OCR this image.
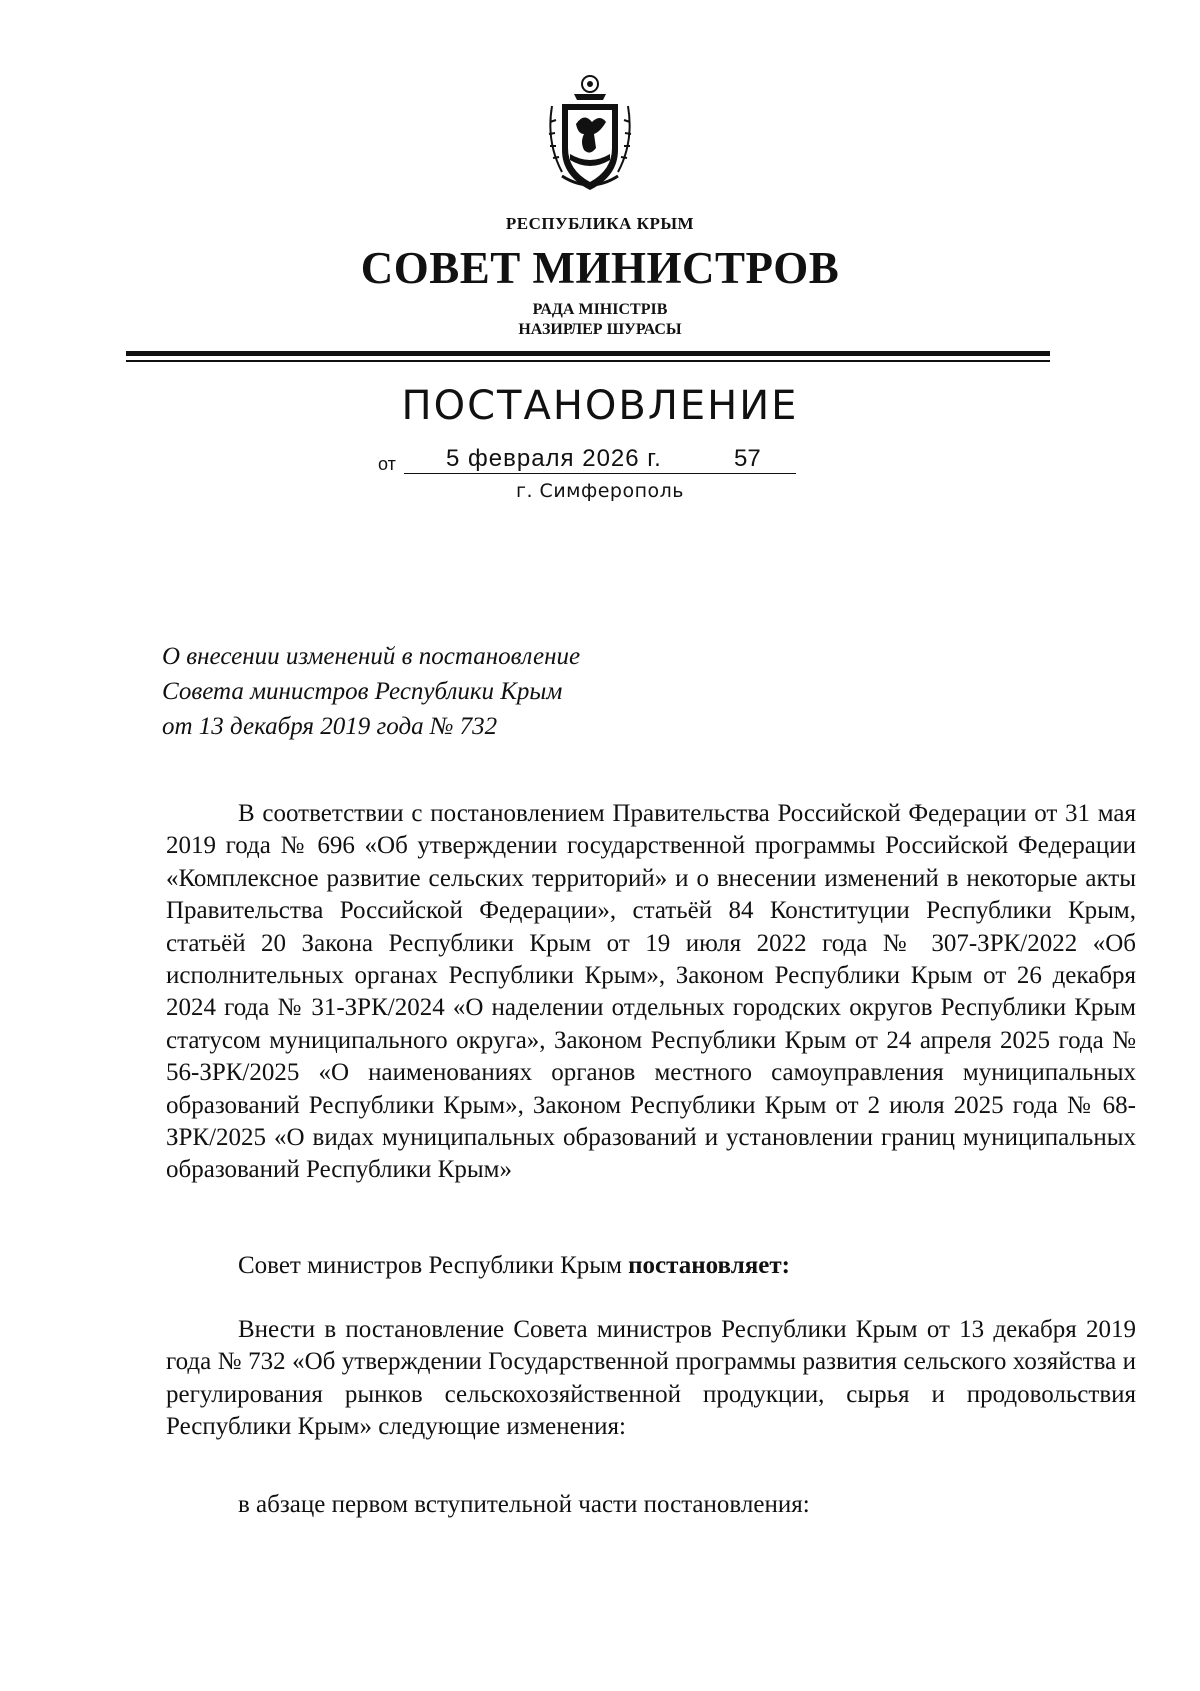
РЕСПУБЛИКА КРЫМ
СОВЕТ МИНИСТРОВ
РАДА МІНІСТРІВ
НАЗИРЛЕР ШУРАСЫ
ПОСТАНОВЛЕНИЕ
от 5 февраля 2026 г.	57
г. Симферополь
О внесении изменений в постановление
Совета министров Республики Крым
от 13 декабря 2019 года № 732
В соответствии с постановлением Правительства Российской Федерации от 31 мая 2019 года № 696 «Об утверждении государственной программы Российской Федерации «Комплексное развитие сельских территорий» и о внесении изменений в некоторые акты Правительства Российской Федерации», статьёй 84 Конституции Республики Крым, статьёй 20 Закона Республики Крым от 19 июля 2022 года № 307-ЗРК/2022 «Об исполнительных органах Республики Крым», Законом Республики Крым от 26 декабря 2024 года № 31-ЗРК/2024 «О наделении отдельных городских округов Республики Крым статусом муниципального округа», Законом Республики Крым от 24 апреля 2025 года № 56-ЗРК/2025 «О наименованиях органов местного самоуправления муниципальных образований Республики Крым», Законом Республики Крым от 2 июля 2025 года № 68-ЗРК/2025 «О видах муниципальных образований и установлении границ муниципальных образований Республики Крым»
Совет министров Республики Крым постановляет:
Внести в постановление Совета министров Республики Крым от 13 декабря 2019 года № 732 «Об утверждении Государственной программы развития сельского хозяйства и регулирования рынков сельскохозяйственной продукции, сырья и продовольствия Республики Крым» следующие изменения:
в абзаце первом вступительной части постановления:
